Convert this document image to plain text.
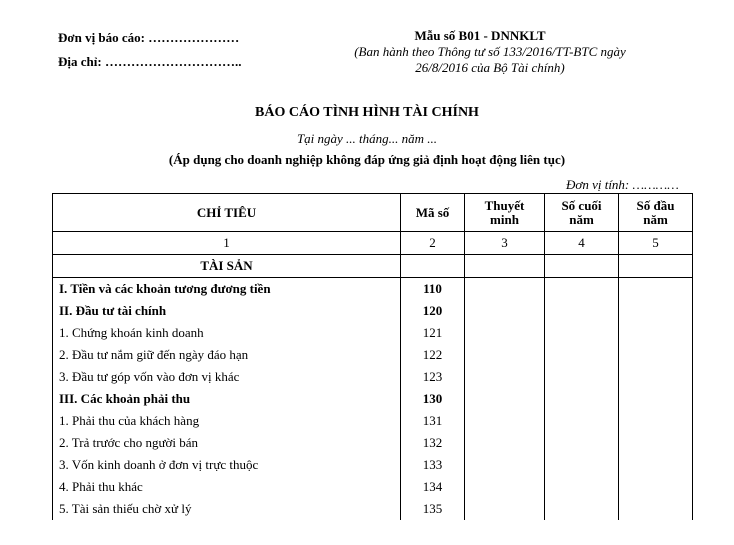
Đơn vị báo cáo: …………………
Địa chỉ: …………………………..
Mẫu số B01 - DNNKLT
(Ban hành theo Thông tư số 133/2016/TT-BTC ngày 26/8/2016 của Bộ Tài chính)
BÁO CÁO TÌNH HÌNH TÀI CHÍNH
Tại ngày ... tháng... năm ...
(Áp dụng cho doanh nghiệp không đáp ứng giả định hoạt động liên tục)
Đơn vị tính: …………
CHỈ TIÊU	Mã số	Thuyết minh	Số cuối năm	Số đầu năm
1	2	3	4	5
TÀI SẢN				
I. Tiền và các khoản tương đương tiền	110			
II. Đầu tư tài chính	120			
1. Chứng khoán kinh doanh	121			
2. Đầu tư nắm giữ đến ngày đáo hạn	122			
3. Đầu tư góp vốn vào đơn vị khác	123			
III. Các khoản phải thu	130			
1. Phải thu của khách hàng	131			
2. Trả trước cho người bán	132			
3. Vốn kinh doanh ở đơn vị trực thuộc	133			
4. Phải thu khác	134			
5. Tài sản thiếu chờ xử lý	135			
